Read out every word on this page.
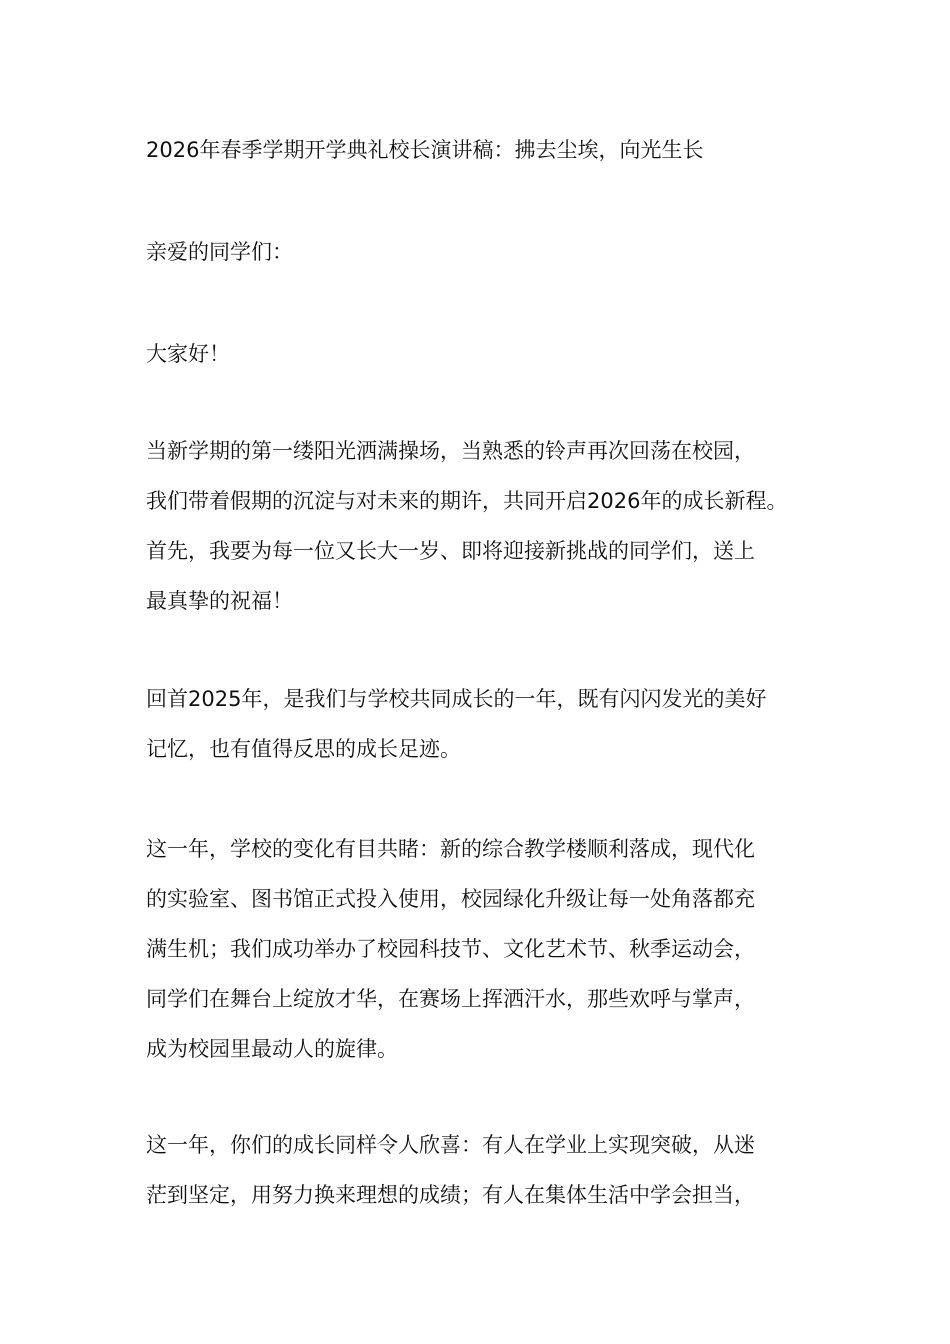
2026年春季学期开学典礼校长演讲稿：拂去尘埃，向光生长
亲爱的同学们：
大家好！
当新学期的第一缕阳光洒满操场，当熟悉的铃声再次回荡在校园，
我们带着假期的沉淀与对未来的期许，共同开启2026年的成长新程。
首先，我要为每一位又长大一岁、即将迎接新挑战的同学们，送上
最真挚的祝福！
回首2025年，是我们与学校共同成长的一年，既有闪闪发光的美好
记忆，也有值得反思的成长足迹。
这一年，学校的变化有目共睹：新的综合教学楼顺利落成，现代化
的实验室、图书馆正式投入使用，校园绿化升级让每一处角落都充
满生机；我们成功举办了校园科技节、文化艺术节、秋季运动会，
同学们在舞台上绽放才华，在赛场上挥洒汗水，那些欢呼与掌声，
成为校园里最动人的旋律。
这一年，你们的成长同样令人欣喜：有人在学业上实现突破，从迷
茫到坚定，用努力换来理想的成绩；有人在集体生活中学会担当，
